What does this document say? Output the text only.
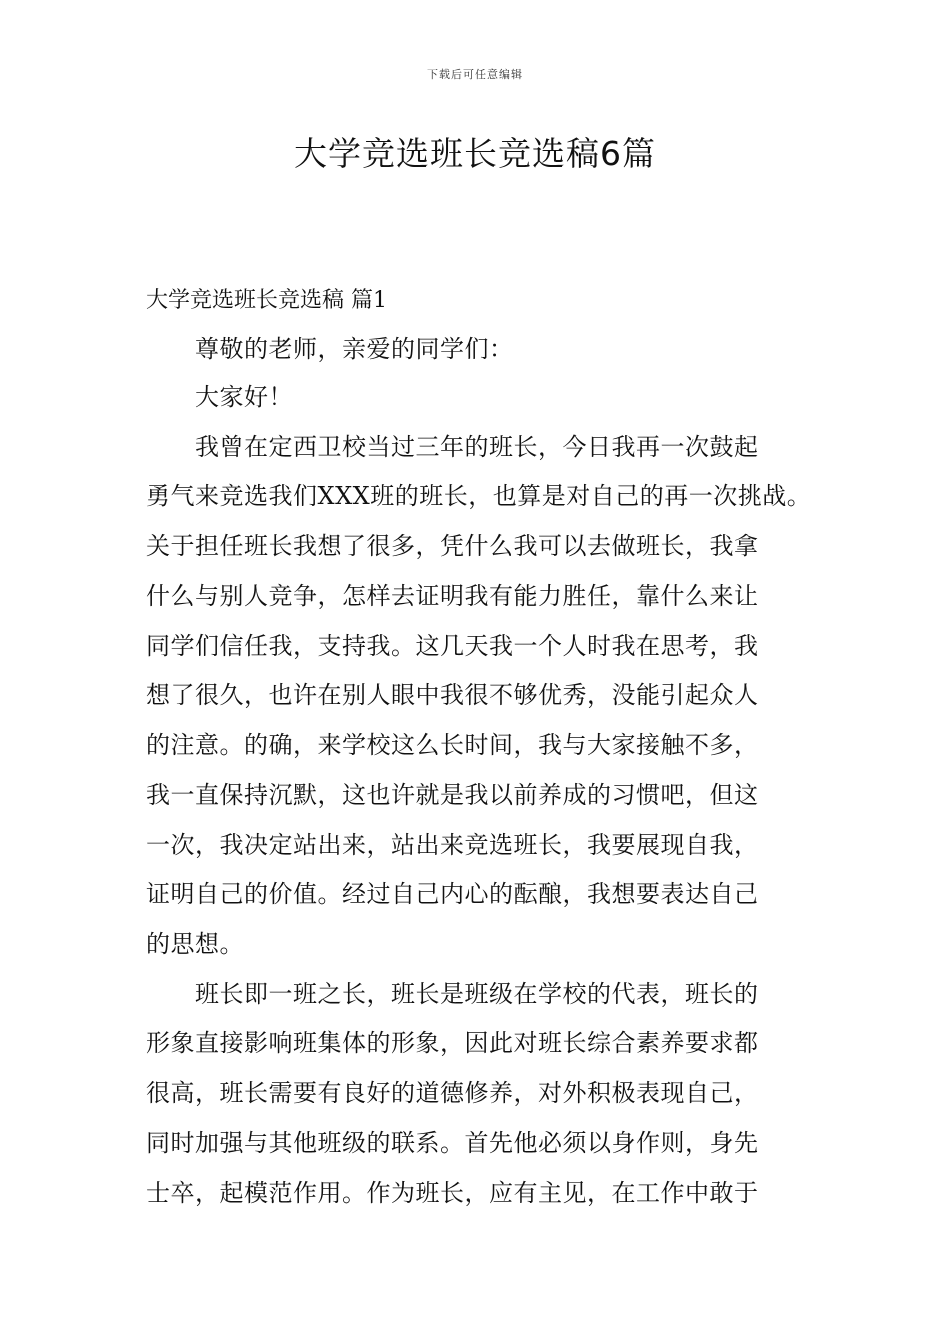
下载后可任意编辑
大学竞选班长竞选稿6篇
大学竞选班长竞选稿 篇1
尊敬的老师，亲爱的同学们：
大家好！
我曾在定西卫校当过三年的班长，今日我再一次鼓起
勇气来竞选我们XXX班的班长，也算是对自己的再一次挑战。
关于担任班长我想了很多，凭什么我可以去做班长，我拿
什么与别人竞争，怎样去证明我有能力胜任，靠什么来让
同学们信任我，支持我。这几天我一个人时我在思考，我
想了很久，也许在别人眼中我很不够优秀，没能引起众人
的注意。的确，来学校这么长时间，我与大家接触不多，
我一直保持沉默，这也许就是我以前养成的习惯吧，但这
一次，我决定站出来，站出来竞选班长，我要展现自我，
证明自己的价值。经过自己内心的酝酿，我想要表达自己
的思想。
班长即一班之长，班长是班级在学校的代表，班长的
形象直接影响班集体的形象，因此对班长综合素养要求都
很高，班长需要有良好的道德修养，对外积极表现自己，
同时加强与其他班级的联系。首先他必须以身作则，身先
士卒，起模范作用。作为班长，应有主见，在工作中敢于
